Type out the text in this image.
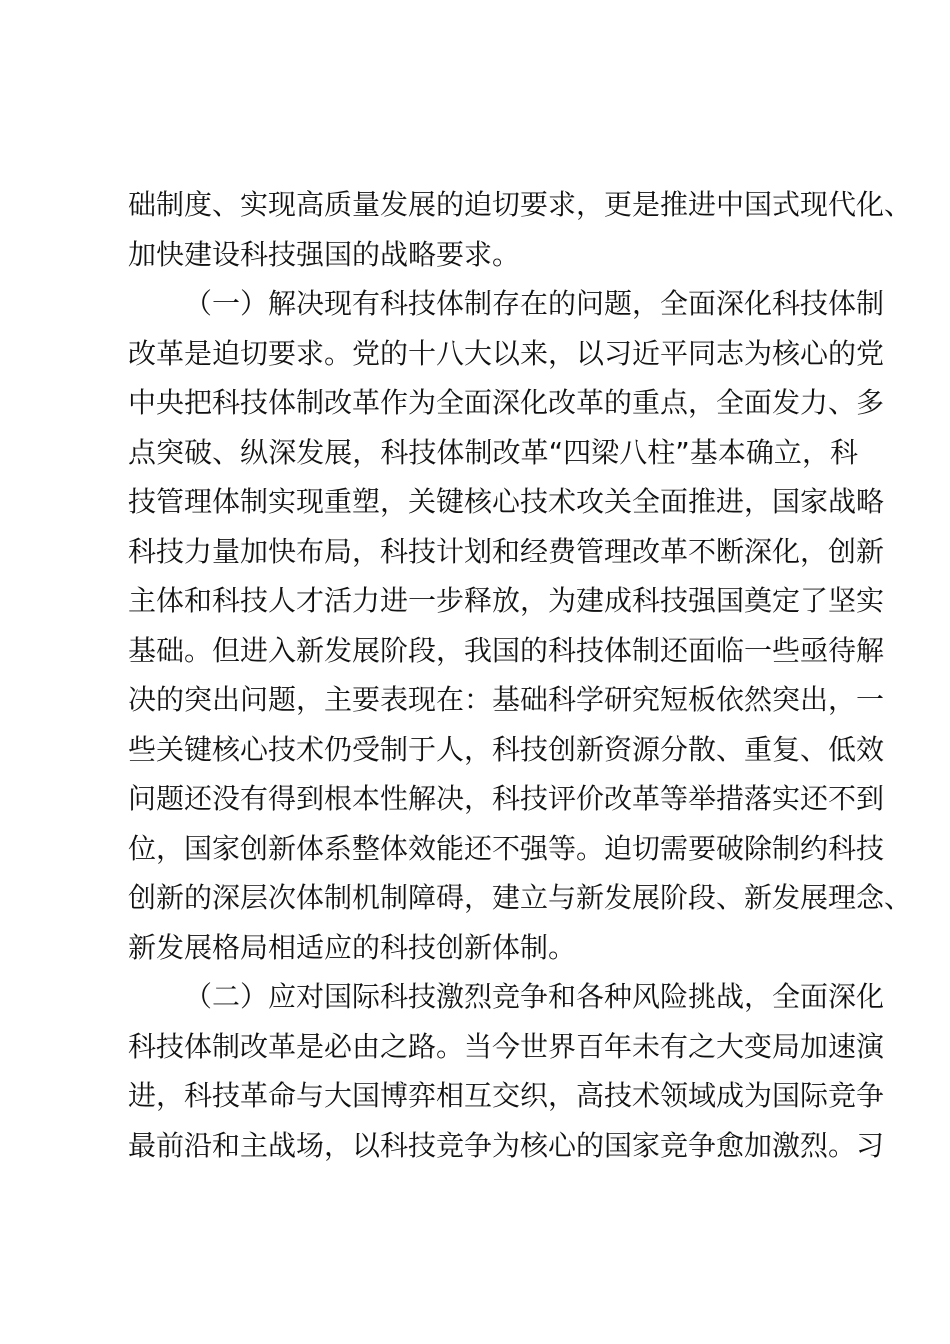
础制度、实现高质量发展的迫切要求，更是推进中国式现代化、
加快建设科技强国的战略要求。
（一）解决现有科技体制存在的问题，全面深化科技体制
改革是迫切要求。党的十八大以来，以习近平同志为核心的党
中央把科技体制改革作为全面深化改革的重点，全面发力、多
点突破、纵深发展，科技体制改革“四梁八柱”基本确立，科
技管理体制实现重塑，关键核心技术攻关全面推进，国家战略
科技力量加快布局，科技计划和经费管理改革不断深化，创新
主体和科技人才活力进一步释放，为建成科技强国奠定了坚实
基础。但进入新发展阶段，我国的科技体制还面临一些亟待解
决的突出问题，主要表现在：基础科学研究短板依然突出，一
些关键核心技术仍受制于人，科技创新资源分散、重复、低效
问题还没有得到根本性解决，科技评价改革等举措落实还不到
位，国家创新体系整体效能还不强等。迫切需要破除制约科技
创新的深层次体制机制障碍，建立与新发展阶段、新发展理念、
新发展格局相适应的科技创新体制。
（二）应对国际科技激烈竞争和各种风险挑战，全面深化
科技体制改革是必由之路。当今世界百年未有之大变局加速演
进，科技革命与大国博弈相互交织，高技术领域成为国际竞争
最前沿和主战场，以科技竞争为核心的国家竞争愈加激烈。习
